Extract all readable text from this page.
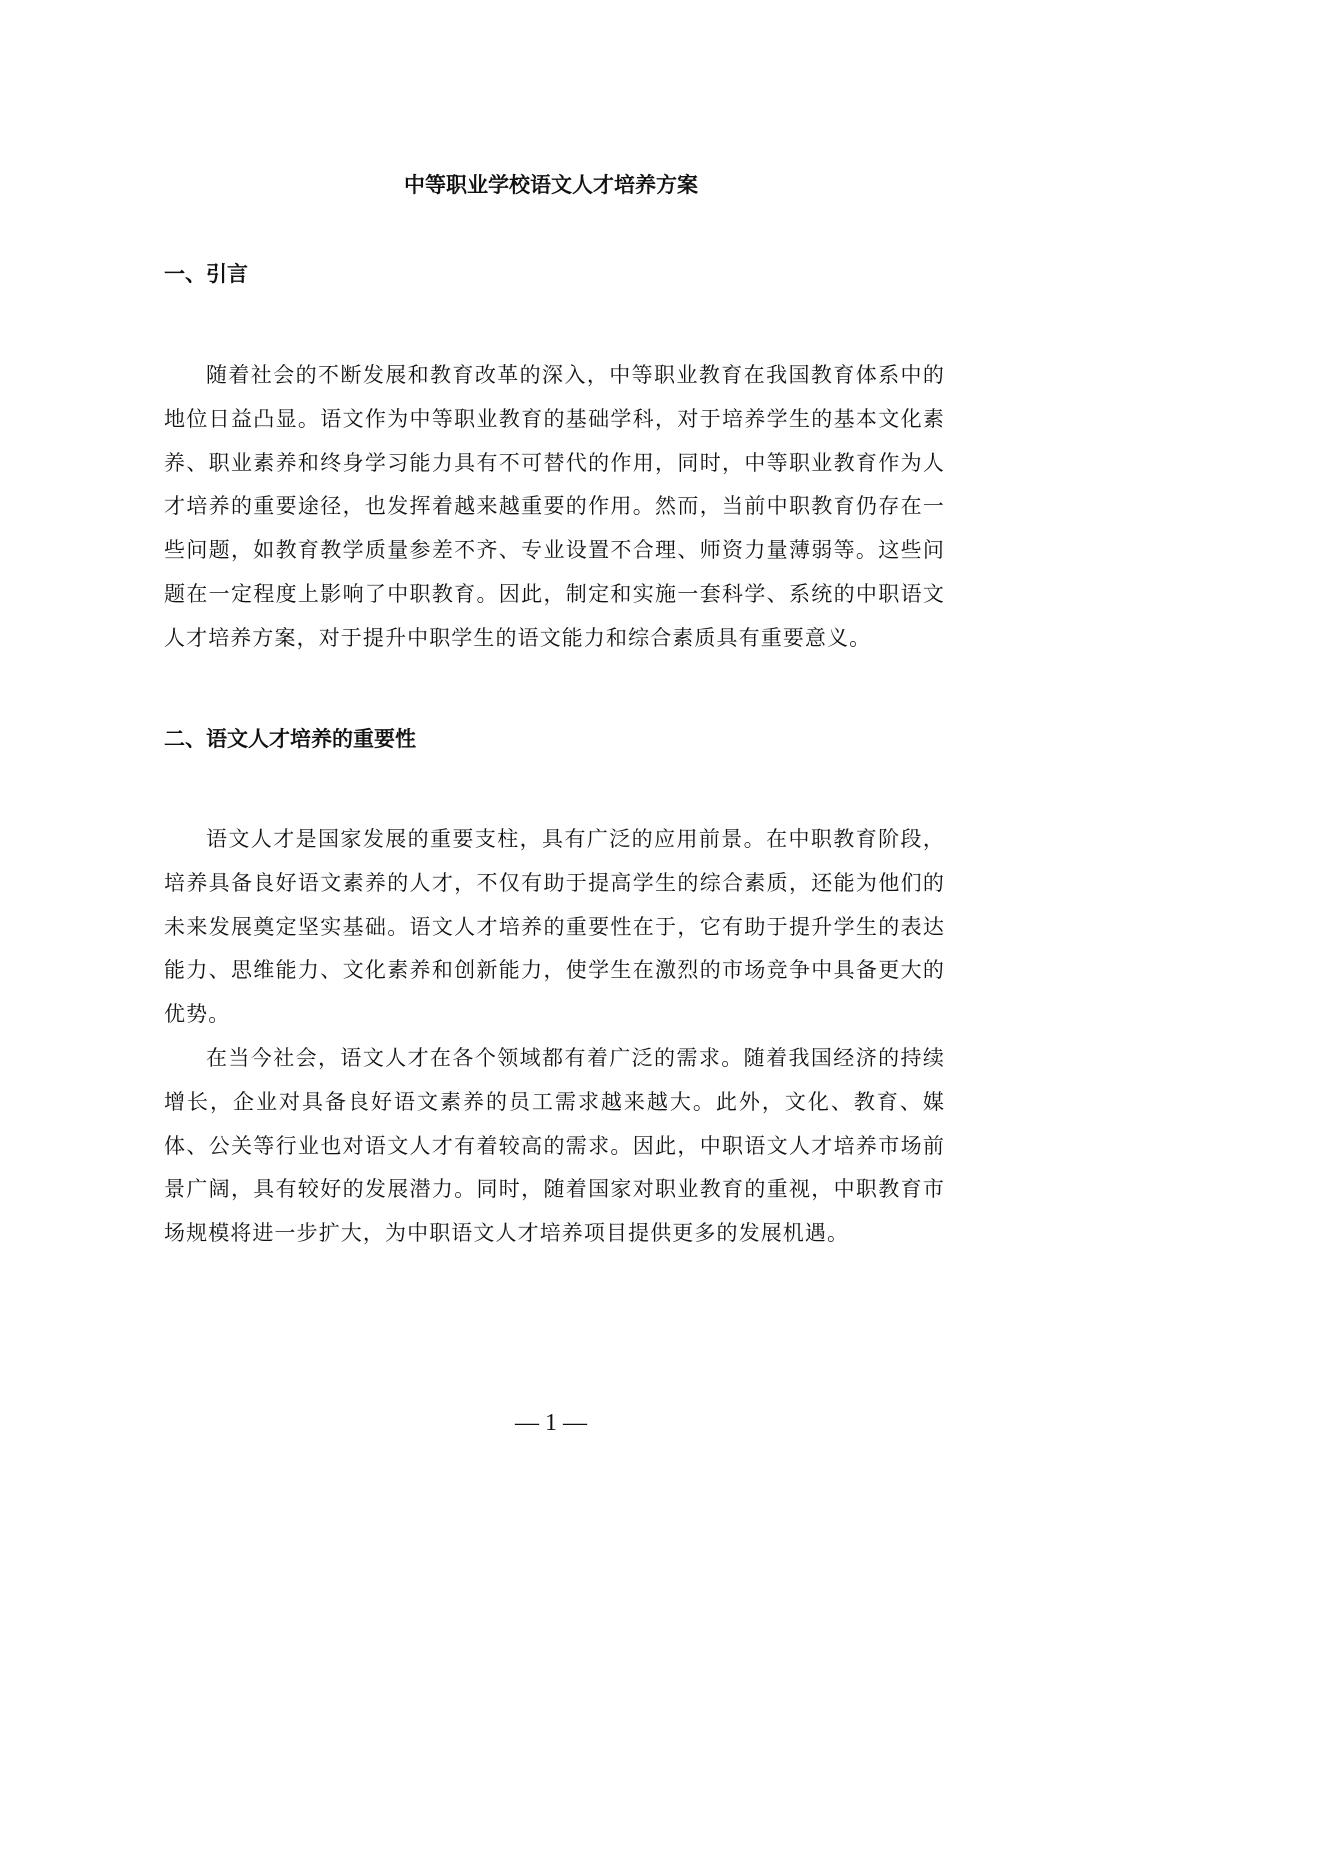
中等职业学校语文人才培养方案
一、引言

随着社会的不断发展和教育改革的深入，中等职业教育在我国教育体系中的地位日益凸显。语文作为中等职业教育的基础学科，对于培养学生的基本文化素养、职业素养和终身学习能力具有不可替代的作用，同时，中等职业教育作为人才培养的重要途径，也发挥着越来越重要的作用。然而，当前中职教育仍存在一些问题，如教育教学质量参差不齐、专业设置不合理、师资力量薄弱等。这些问题在一定程度上影响了中职教育。因此，制定和实施一套科学、系统的中职语文人才培养方案，对于提升中职学生的语文能力和综合素质具有重要意义。

二、语文人才培养的重要性

语文人才是国家发展的重要支柱，具有广泛的应用前景。在中职教育阶段，培养具备良好语文素养的人才，不仅有助于提高学生的综合素质，还能为他们的未来发展奠定坚实基础。语文人才培养的重要性在于，它有助于提升学生的表达能力、思维能力、文化素养和创新能力，使学生在激烈的市场竞争中具备更大的优势。

在当今社会，语文人才在各个领域都有着广泛的需求。随着我国经济的持续增长，企业对具备良好语文素养的员工需求越来越大。此外，文化、教育、媒体、公关等行业也对语文人才有着较高的需求。因此，中职语文人才培养市场前景广阔，具有较好的发展潜力。同时，随着国家对职业教育的重视，中职教育市场规模将进一步扩大，为中职语文人才培养项目提供更多的发展机遇。

— 1 —
